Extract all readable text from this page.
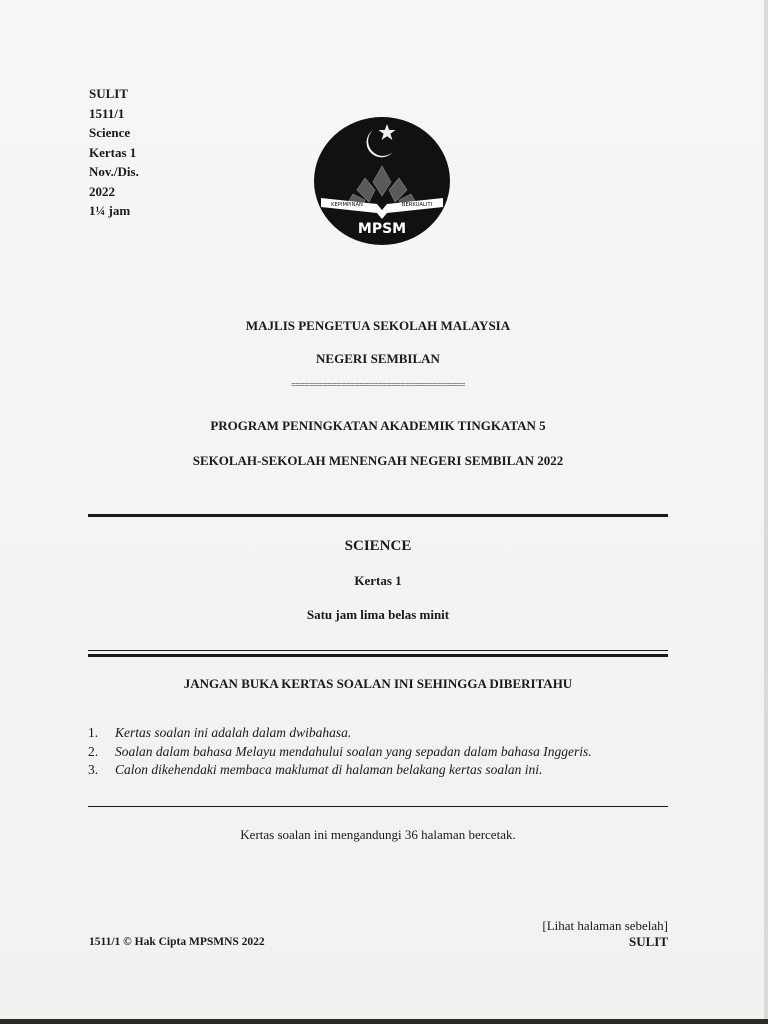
SULIT
1511/1
Science
Kertas 1
Nov./Dis.
2022
1¼ jam	KEPIMPINAN	BERKUALITI
MPSM
MAJLIS PENGETUA SEKOLAH MALAYSIA
NEGERI SEMBILAN
======================================
PROGRAM PENINGKATAN AKADEMIK TINGKATAN 5
SEKOLAH-SEKOLAH MENENGAH NEGERI SEMBILAN 2022
SCIENCE
Kertas 1
Satu jam lima belas minit
JANGAN BUKA KERTAS SOALAN INI SEHINGGA DIBERITAHU
1.	Kertas soalan ini adalah dalam dwibahasa.
2.	Soalan dalam bahasa Melayu mendahului soalan yang sepadan dalam bahasa Inggeris.
3.	Calon dikehendaki membaca maklumat di halaman belakang kertas soalan ini.
Kertas soalan ini mengandungi 36 halaman bercetak.
[Lihat halaman sebelah]
1511/1 © Hak Cipta MPSMNS 2022	SULIT
